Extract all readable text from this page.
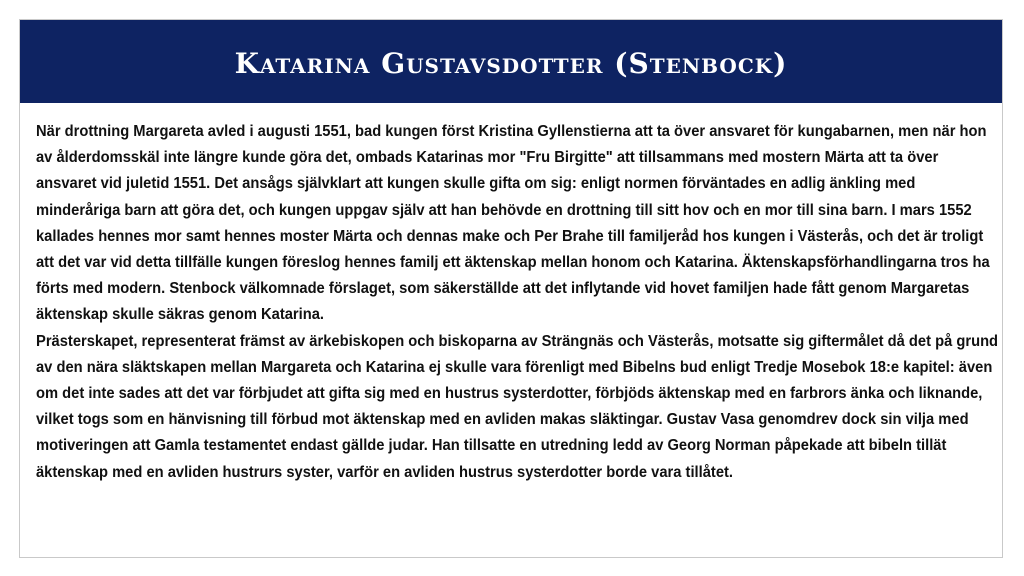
Katarina Gustavsdotter (Stenbock)

När drottning Margareta avled i augusti 1551, bad kungen först Kristina Gyllenstierna att ta över ansvaret för kungabarnen, men när hon av ålderdomsskäl inte längre kunde göra det, ombads Katarinas mor "Fru Birgitte" att tillsammans med mostern Märta att ta över ansvaret vid juletid 1551. Det ansågs självklart att kungen skulle gifta om sig: enligt normen förväntades en adlig änkling med minderåriga barn att göra det, och kungen uppgav själv att han behövde en drottning till sitt hov och en mor till sina barn. I mars 1552 kallades hennes mor samt hennes moster Märta och dennas make och Per Brahe till familjeråd hos kungen i Västerås, och det är troligt att det var vid detta tillfälle kungen föreslog hennes familj ett äktenskap mellan honom och Katarina. Äktenskapsförhandlingarna tros ha förts med modern. Stenbock välkomnade förslaget, som säkerställde att det inflytande vid hovet familjen hade fått genom Margaretas äktenskap skulle säkras genom Katarina.

Prästerskapet, representerat främst av ärkebiskopen och biskoparna av Strängnäs och Västerås, motsatte sig giftermålet då det på grund av den nära släktskapen mellan Margareta och Katarina ej skulle vara förenligt med Bibelns bud enligt Tredje Mosebok 18:e kapitel: även om det inte sades att det var förbjudet att gifta sig med en hustrus systerdotter, förbjöds äktenskap med en farbrors änka och liknande, vilket togs som en hänvisning till förbud mot äktenskap med en avliden makas släktingar. Gustav Vasa genomdrev dock sin vilja med motiveringen att Gamla testamentet endast gällde judar. Han tillsatte en utredning ledd av Georg Norman påpekade att bibeln tillät äktenskap med en avliden hustrurs syster, varför en avliden hustrus systerdotter borde vara tillåtet.
